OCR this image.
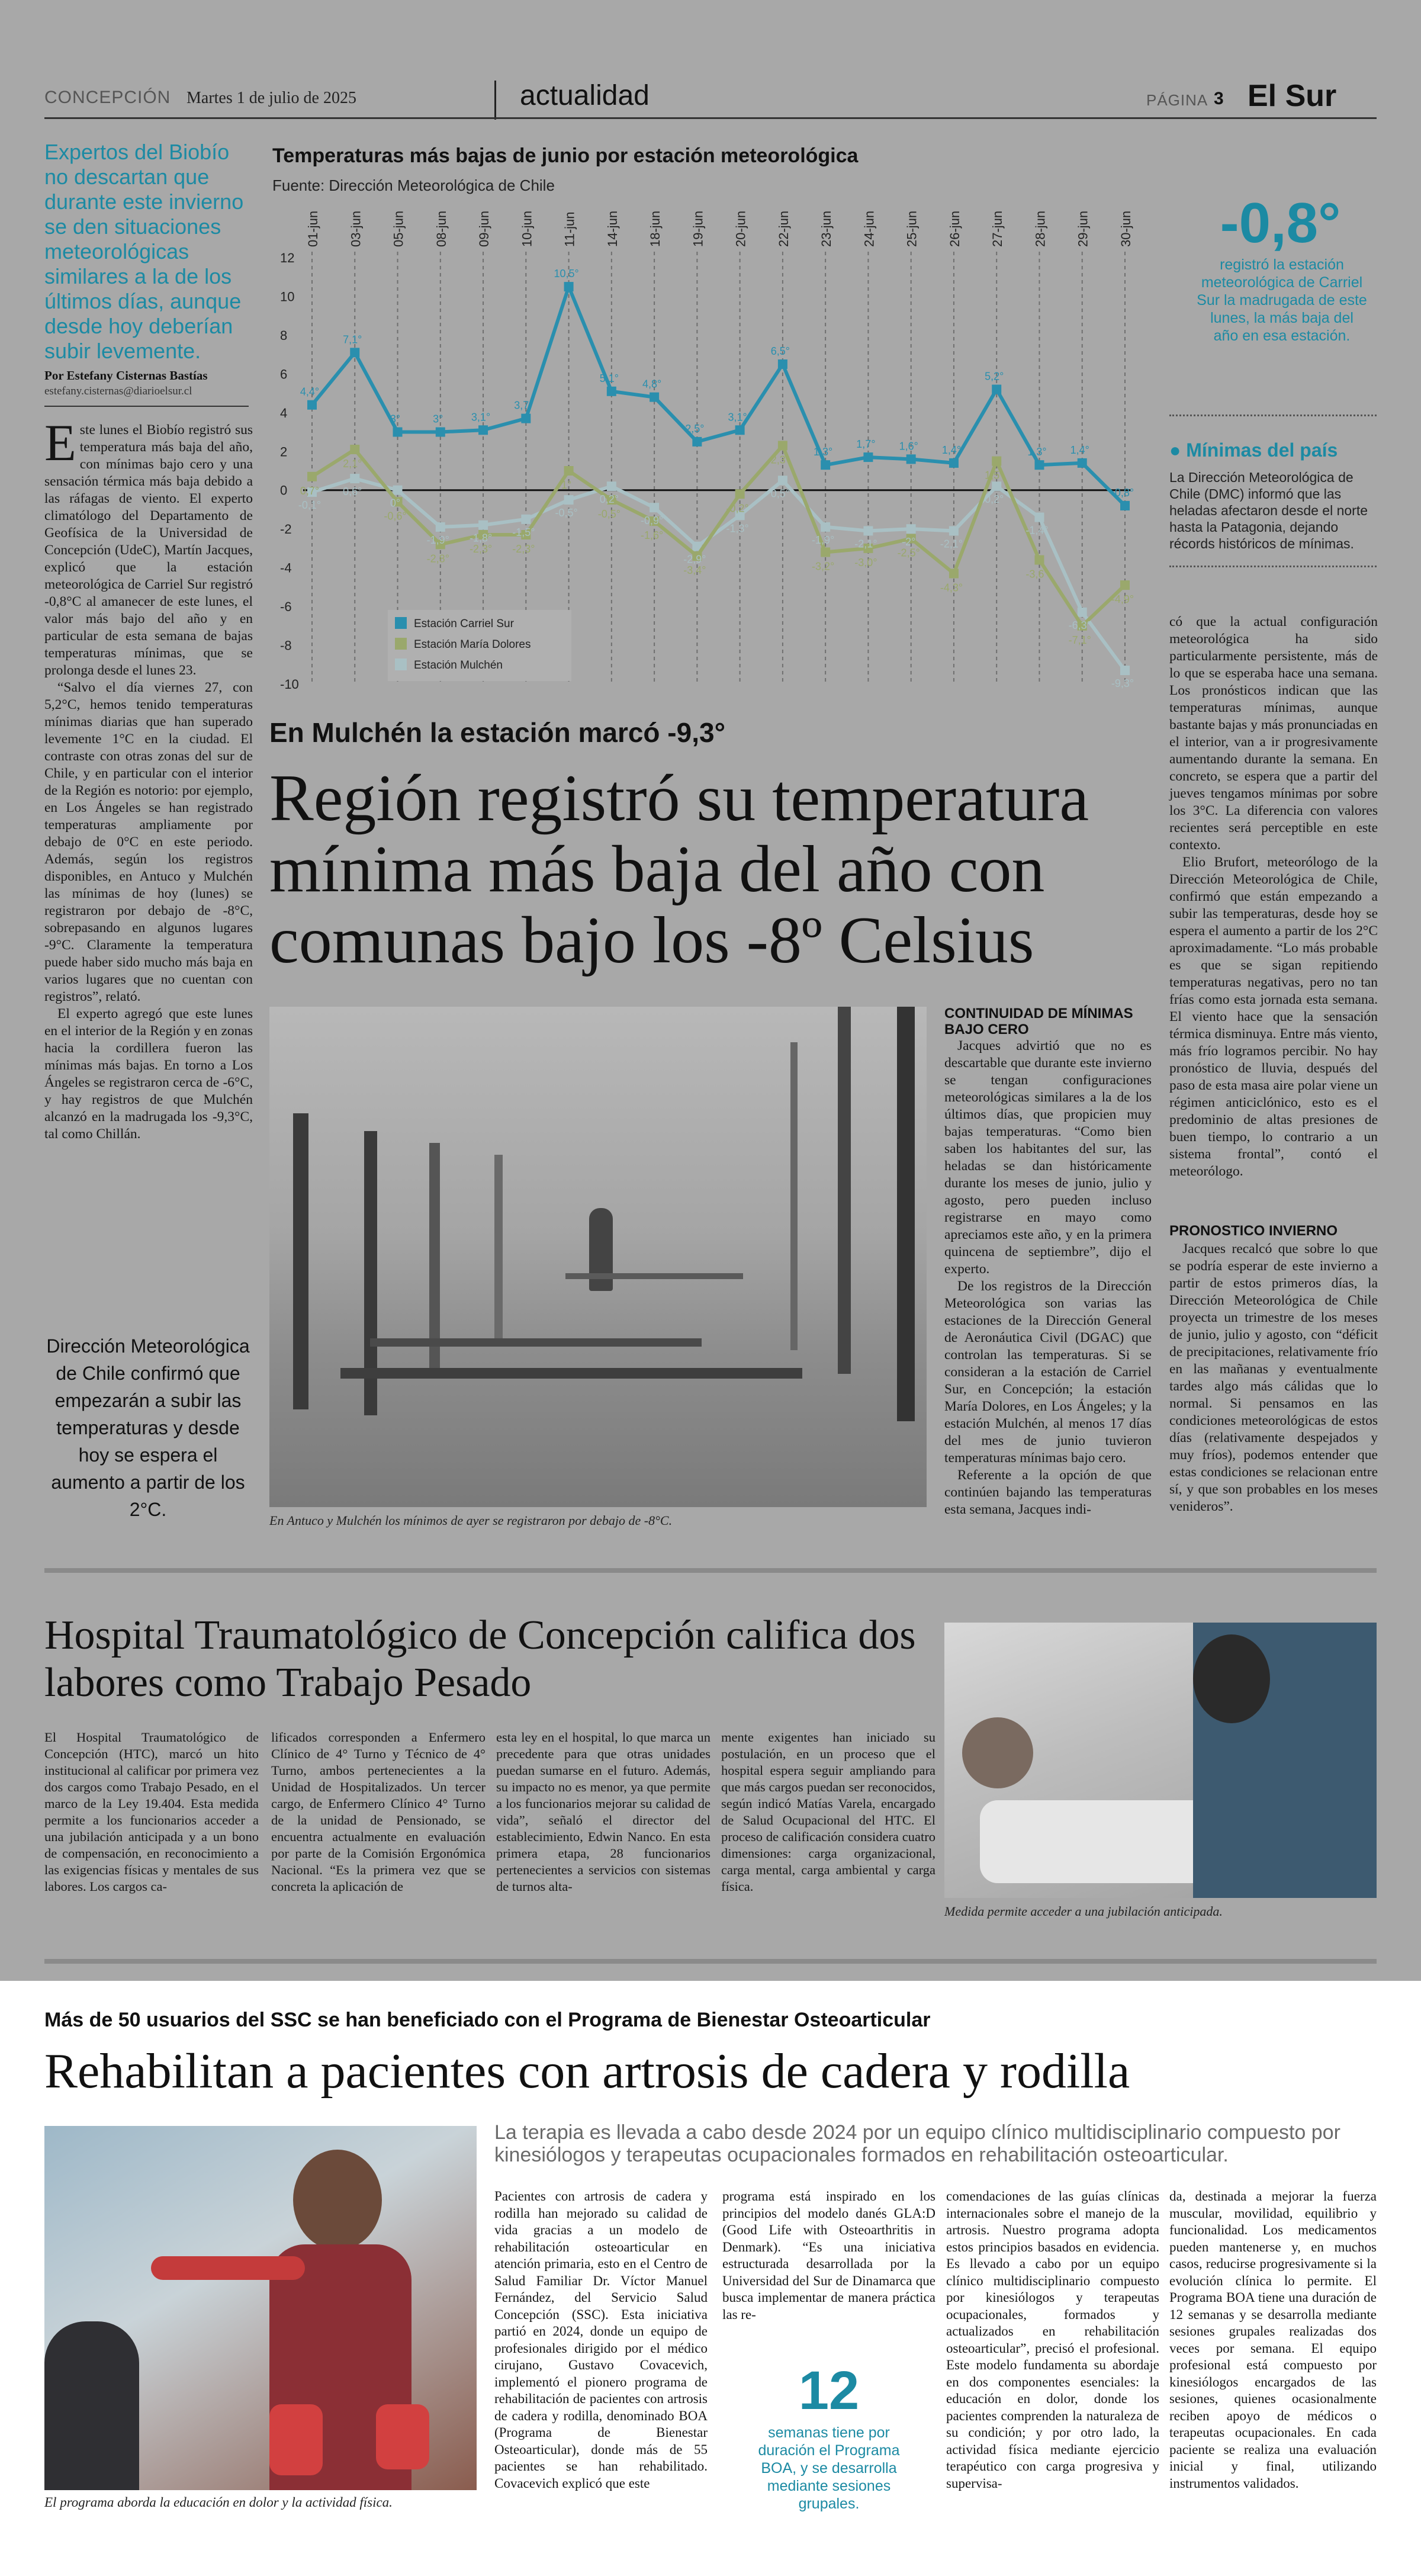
CONCEPCIÓN Martes 1 de julio de 2025	actualidad	PÁGINA 3 El Sur
Expertos del Biobío no descartan que durante este invierno se den situaciones meteorológicas similares a la de los últimos días, aunque desde hoy deberían subir levemente.
Por Estefany Cisternas Bastías
estefany.cisternas@diarioelsur.cl

Este lunes el Biobío registró sus temperatura más baja del año, con mínimas bajo cero y una sensación térmica más baja debido a las ráfagas de viento. El experto climatólogo del Departamento de Geofísica de la Universidad de Concepción (UdeC), Martín Jacques, explicó que la estación meteorológica de Carriel Sur registró -0,8°C al amanecer de este lunes, el valor más bajo del año y en particular de esta semana de bajas temperaturas mínimas, que se prolonga desde el lunes 23.

“Salvo el día viernes 27, con 5,2°C, hemos tenido temperaturas mínimas diarias que han superado levemente 1°C en la ciudad. El contraste con otras zonas del sur de Chile, y en particular con el interior de la Región es notorio: por ejemplo, en Los Ángeles se han registrado temperaturas ampliamente por debajo de 0°C en este periodo. Además, según los registros disponibles, en Antuco y Mulchén las mínimas de hoy (lunes) se registraron por debajo de -8°C, sobrepasando en algunos lugares -9°C. Claramente la temperatura puede haber sido mucho más baja en varios lugares que no cuentan con registros”, relató.

El experto agregó que este lunes en el interior de la Región y en zonas hacia la cordillera fueron las mínimas más bajas. En torno a Los Ángeles se registraron cerca de -6°C, y hay registros de que Mulchén alcanzó en la madrugada los -9,3°C, tal como Chillán.

Dirección Meteorológica de Chile confirmó que empezarán a subir las temperaturas y desde hoy se espera el aumento a partir de los 2°C.
Temperaturas más bajas de junio por estación meteorológica
Fuente: Dirección Meteorológica de Chile
01-jun 03-jun 05-jun 08-jun 09-jun 10-jun 11-jun 14-jun 18-jun 19-jun 20-jun 22-jun 23-jun 24-jun 25-jun 26-jun 27-jun 28-jun 29-jun 30-jun
12
10
8
6
4
2
0
-2
-4
-6
-8
-10
4,4°
7,1°
3°	3°	3,1°
3,7°
10,5°
5,1° 4,8°
2,5°
3,1°
6,5°
1,3°
1,7° 1,6° 1,4°
5,2°
1,3° 1,4°
-0,8°
0,7°
2,1°
-0,6°
-2,8°
-2,3° -2,3°
1°
-0,5°
-1,6°
-3,4°
-0,2°
2,3°
-3,2° -3,0°
-2,5°
-4,3°
1,5°
-3,6°
-7,1°
-4,9°
-0,1°
0,6°
0°
-1,9° -1,8° -1,5°
-0,5°
0,2°
-0,9°
-2,9°
-1,3°
0,5°
-1,9° -2,1° -2° -2,1°
0,2°
-1,4°
-6,3°
-9,3°
Estación Carriel Sur
Estación María Dolores
Estación Mulchén
-0,8°
registró la estación meteorológica de Carriel Sur la madrugada de este lunes, la más baja del año en esa estación.
● Mínimas del país
La Dirección Meteorológica de Chile (DMC) informó que las heladas afectaron desde el norte hasta la Patagonia, dejando récords históricos de mínimas.
En Mulchén la estación marcó -9,3°
Región registró su temperatura mínima más baja del año con comunas bajo los -8º Celsius
En Antuco y Mulchén los mínimos de ayer se registraron por debajo de -8°C.
CONTINUIDAD DE MÍNIMAS BAJO CERO

Jacques advirtió que no es descartable que durante este invierno se tengan configuraciones meteorológicas similares a la de los últimos días, que propicien muy bajas temperaturas. “Como bien saben los habitantes del sur, las heladas se dan históricamente durante los meses de junio, julio y agosto, pero pueden incluso registrarse en mayo como apreciamos este año, y en la primera quincena de septiembre”, dijo el experto.

De los registros de la Dirección Meteorológica son varias las estaciones de la Dirección General de Aeronáutica Civil (DGAC) que controlan las temperaturas. Si se consideran a la estación de Carriel Sur, en Concepción; la estación María Dolores, en Los Ángeles; y la estación Mulchén, al menos 17 días del mes de junio tuvieron temperaturas mínimas bajo cero.

Referente a la opción de que continúen bajando las temperaturas esta semana, Jacques indi-

có que la actual configuración meteorológica ha sido particularmente persistente, más de lo que se esperaba hace una semana. Los pronósticos indican que las temperaturas mínimas, aunque bastante bajas y más pronunciadas en el interior, van a ir progresivamente aumentando durante la semana. En concreto, se espera que a partir del jueves tengamos mínimas por sobre los 3°C. La diferencia con valores recientes será perceptible en este contexto.

Elio Brufort, meteorólogo de la Dirección Meteorológica de Chile, confirmó que están empezando a subir las temperaturas, desde hoy se espera el aumento a partir de los 2°C aproximadamente. “Lo más probable es que se sigan repitiendo temperaturas negativas, pero no tan frías como esta jornada esta semana. El viento hace que la sensación térmica disminuya. Entre más viento, más frío logramos percibir. No hay pronóstico de lluvia, después del paso de esta masa aire polar viene un régimen anticiclónico, esto es el predominio de altas presiones de buen tiempo, lo contrario a un sistema frontal”, contó el meteorólogo.

PRONOSTICO INVIERNO

Jacques recalcó que sobre lo que se podría esperar de este invierno a partir de estos primeros días, la Dirección Meteorológica de Chile proyecta un trimestre de los meses de junio, julio y agosto, con “déficit de precipitaciones, relativamente frío en las mañanas y eventualmente tardes algo más cálidas que lo normal. Si pensamos en las condiciones meteorológicas de estos días (relativamente despejados y muy fríos), podemos entender que estas condiciones se relacionan entre sí, y que son probables en los meses venideros”.

Hospital Traumatológico de Concepción califica dos labores como Trabajo Pesado
El Hospital Traumatológico de Concepción (HTC), marcó un hito institucional al calificar por primera vez dos cargos como Trabajo Pesado, en el marco de la Ley 19.404. Esta medida permite a los funcionarios acceder a una jubilación anticipada y a un bono de compensación, en reconocimiento a las exigencias físicas y mentales de sus labores. Los cargos ca-
lificados corresponden a Enfermero Clínico de 4° Turno y Técnico de 4° Turno, ambos pertenecientes a la Unidad de Hospitalizados. Un tercer cargo, de Enfermero Clínico 4° Turno de la unidad de Pensionado, se encuentra actualmente en evaluación por parte de la Comisión Ergonómica Nacional. “Es la primera vez que se concreta la aplicación de
esta ley en el hospital, lo que marca un precedente para que otras unidades puedan sumarse en el futuro. Además, su impacto no es menor, ya que permite a los funcionarios mejorar su calidad de vida”, señaló el director del establecimiento, Edwin Nanco. En esta primera etapa, 28 funcionarios pertenecientes a servicios con sistemas de turnos alta-
mente exigentes han iniciado su postulación, en un proceso que el hospital espera seguir ampliando para que más cargos puedan ser reconocidos, según indicó Matías Varela, encargado de Salud Ocupacional del HTC. El proceso de calificación considera cuatro dimensiones: carga organizacional, carga mental, carga ambiental y carga física.
Medida permite acceder a una jubilación anticipada.
Más de 50 usuarios del SSC se han beneficiado con el Programa de Bienestar Osteoarticular
Rehabilitan a pacientes con artrosis de cadera y rodilla
La terapia es llevada a cabo desde 2024 por un equipo clínico multidisciplinario compuesto por kinesiólogos y terapeutas ocupacionales formados en rehabilitación osteoarticular.
El programa aborda la educación en dolor y la actividad física.
Pacientes con artrosis de cadera y rodilla han mejorado su calidad de vida gracias a un modelo de rehabilitación osteoarticular en atención primaria, esto en el Centro de Salud Familiar Dr. Víctor Manuel Fernández, del Servicio Salud Concepción (SSC). Esta iniciativa partió en 2024, donde un equipo de profesionales dirigido por el médico cirujano, Gustavo Covacevich, implementó el pionero programa de rehabilitación de pacientes con artrosis de cadera y rodilla, denominado BOA (Programa de Bienestar Osteoarticular), donde más de 55 pacientes se han rehabilitado. Covacevich explicó que este
programa está inspirado en los principios del modelo danés GLA:D (Good Life with Osteoarthritis in Denmark). “Es una iniciativa estructurada desarrollada por la Universidad del Sur de Dinamarca que busca implementar de manera práctica las re-
12
semanas tiene por duración el Programa BOA, y se desarrolla mediante sesiones grupales.
comendaciones de las guías clínicas internacionales sobre el manejo de la artrosis. Nuestro programa adopta estos principios basados en evidencia. Es llevado a cabo por un equipo clínico multidisciplinario compuesto por kinesiólogos y terapeutas ocupacionales, formados y actualizados en rehabilitación osteoarticular”, precisó el profesional. Este modelo fundamenta su abordaje en dos componentes esenciales: la educación en dolor, donde los pacientes comprenden la naturaleza de su condición; y por otro lado, la actividad física mediante ejercicio terapéutico con carga progresiva y supervisa-
da, destinada a mejorar la fuerza muscular, movilidad, equilibrio y funcionalidad. Los medicamentos pueden mantenerse y, en muchos casos, reducirse progresivamente si la evolución clínica lo permite. El Programa BOA tiene una duración de 12 semanas y se desarrolla mediante sesiones grupales realizadas dos veces por semana. El equipo profesional está compuesto por kinesiólogos encargados de las sesiones, quienes ocasionalmente reciben apoyo de médicos o terapeutas ocupacionales. En cada paciente se realiza una evaluación inicial y final, utilizando instrumentos validados.
